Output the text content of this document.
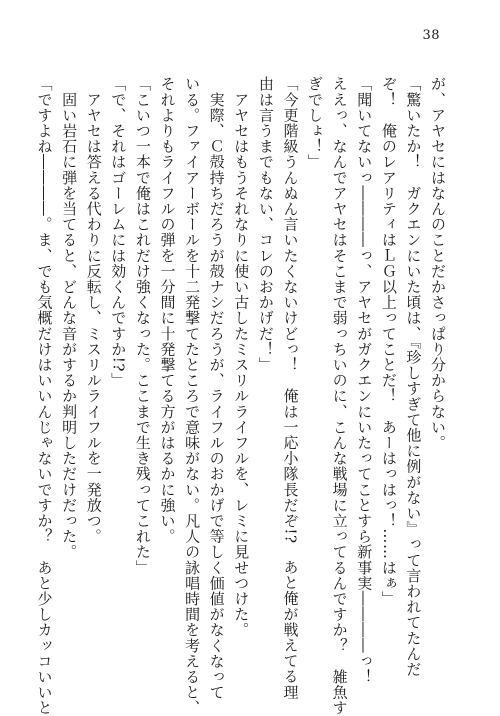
38
が、アヤセにはなんのことだかさっぱり分からない。
「驚いたか！　ガクエンにいた頃は、『珍しすぎて他に例がない』って言われてたんだ
ぞ！　俺のレアリティはＬＧ以上ってことだ！　あーはっはっ！……はぁ」
「聞いてないっ――――っ、アヤセがガクエンにいたってことすら新事実――――っ！
ええっ、なんでアヤセはそこまで弱っちいのに、こんな戦場に立ってるんですか？　雑魚す
ぎでしょ！」
「今更階級うんぬん言いたくないけどっ！　俺は一応小隊長だぞ!?　あと俺が戦えてる理
由は言うまでもない、コレのおかげだ！」
　アヤセはもうそれなりに使い古したミスリルライフルを、レミに見せつけた。
　実際、Ｃ殻持ちだろうが殻ナシだろうが、ライフルのおかげで等しく価値がなくなって
いる。ファイアーボールを十二発撃てたところで意味がない。凡人の詠唱時間を考えると、
それよりもライフルの弾を一分間に十発撃てる方がはるかに強い。
「こいつ一本で俺はこれだけ強くなった。ここまで生き残ってこれた」
「で、それはゴーレムには効くんですか!?」
　アヤセは答える代わりに反転し、ミスリルライフルを一発放つ。
　固い岩石に弾を当てると、どんな音がするか判明しただけだった。
「ですよね――――。ま、でも気概だけはいいんじゃないですか？　あと少しカッコいいと
